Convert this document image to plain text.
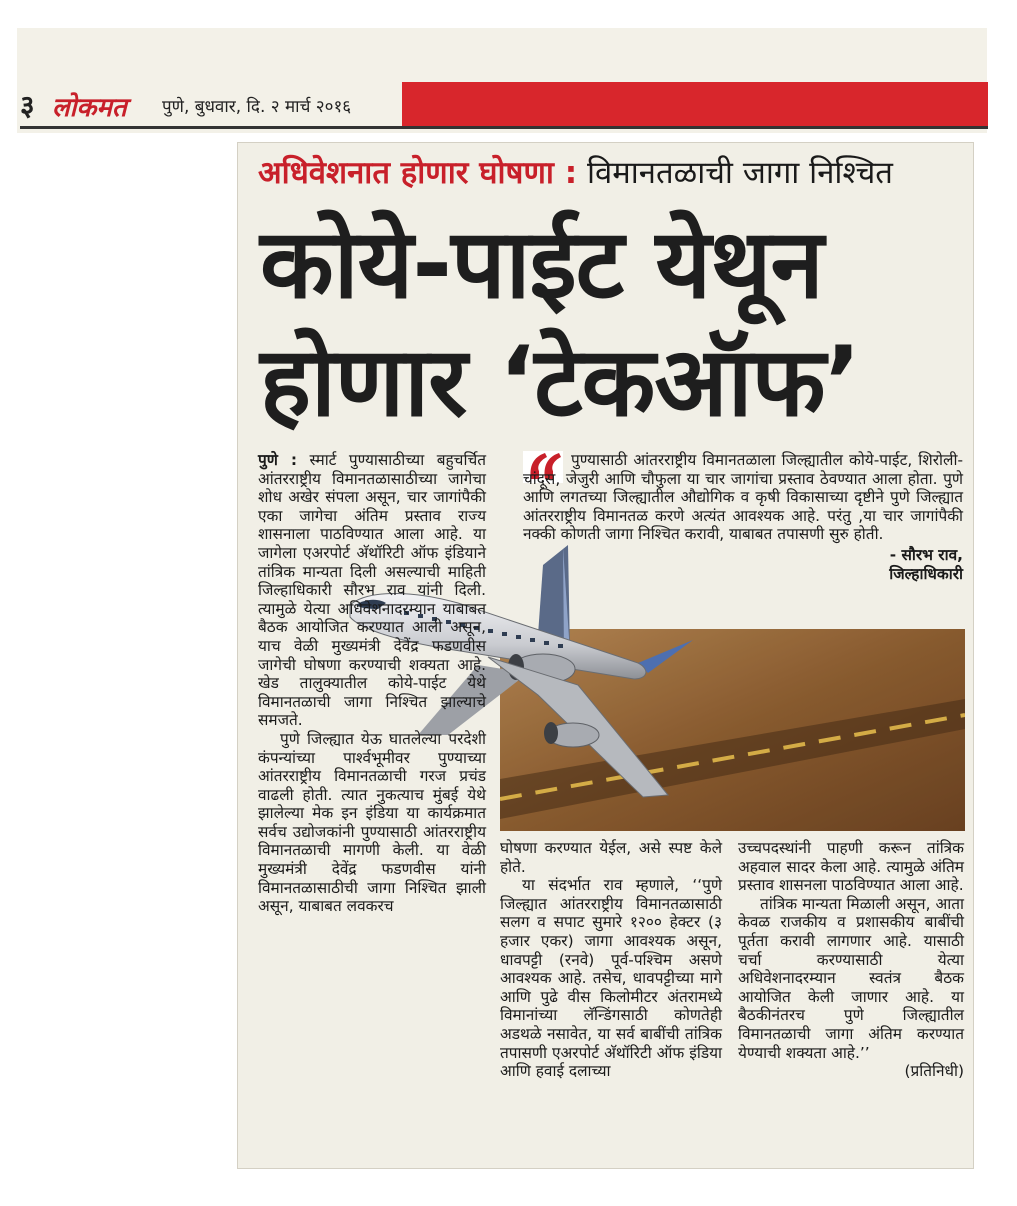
३ लोकमत पुणे, बुधवार, दि. २ मार्च २०१६
अधिवेशनात होणार घोषणा : विमानतळाची जागा निश्चित
कोये-पाईट येथून
होणार ‘टेकऑफ’

पुणे : स्मार्ट पुण्यासाठीच्या बहुचर्चित आंतरराष्ट्रीय विमानतळासाठीच्या जागेचा शोध अखेर संपला असून, चार जागांपैकी एका जागेचा अंतिम प्रस्ताव राज्य शासनाला पाठविण्यात आला आहे. या जागेला एअरपोर्ट अ‍ॅथॉरिटी ऑफ इंडियाने तांत्रिक मान्यता दिली असल्याची माहिती जिल्हाधिकारी सौरभ राव यांनी दिली. त्यामुळे येत्या अधिवेशनादरम्यान याबाबत बैठक आयोजित करण्यात आली असून, याच वेळी मुख्यमंत्री देवेंद्र फडणवीस जागेची घोषणा करण्याची शक्यता आहे. खेड तालुक्यातील कोये-पाईट येथे विमानतळाची जागा निश्चित झाल्याचे समजते.

पुणे जिल्ह्यात येऊ घातलेल्या परदेशी कंपन्यांच्या पार्श्वभूमीवर पुण्याच्या आंतरराष्ट्रीय विमानतळाची गरज प्रचंड वाढली होती. त्यात नुकत्याच मुंबई येथे झालेल्या मेक इन इंडिया या कार्यक्रमात सर्वच उद्योजकांनी पुण्यासाठी आंतरराष्ट्रीय विमानतळाची मागणी केली. या वेळी मुख्यमंत्री देवेंद्र फडणवीस यांनी विमानतळासाठीची जागा निश्चित झाली असून, याबाबत लवकरच

घोषणा करण्यात येईल, असे स्पष्ट केले होते.

या संदर्भात राव म्हणाले, ‘‘पुणे जिल्ह्यात आंतरराष्ट्रीय विमानतळासाठी सलग व सपाट सुमारे १२०० हेक्टर (३ हजार एकर) जागा आवश्यक असून, धावपट्टी (रनवे) पूर्व-पश्चिम असणे आवश्यक आहे. तसेच, धावपट्टीच्या मागे आणि पुढे वीस किलोमीटर अंतरामध्ये विमानांच्या लॅन्डिंगसाठी कोणतेही अडथळे नसावेत, या सर्व बाबींची तांत्रिक तपासणी एअरपोर्ट अ‍ॅथॉरिटी ऑफ इंडिया आणि हवाई दलाच्या

उच्चपदस्थांनी पाहणी करून तांत्रिक अहवाल सादर केला आहे. त्यामुळे अंतिम प्रस्ताव शासनला पाठविण्यात आला आहे.

तांत्रिक मान्यता मिळाली असून, आता केवळ राजकीय व प्रशासकीय बाबींची पूर्तता करावी लागणार आहे. यासाठी चर्चा करण्यासाठी येत्या अधिवेशनादरम्यान स्वतंत्र बैठक आयोजित केली जाणार आहे. या बैठकीनंतरच पुणे जिल्ह्यातील विमानतळाची जागा अंतिम करण्यात येण्याची शक्यता आहे.’’

(प्रतिनिधी)

पुण्यासाठी आंतरराष्ट्रीय विमानतळाला जिल्ह्यातील कोये-पाईट, शिरोली-चांदूस, जेजुरी आणि चौफुला या चार जागांचा प्रस्ताव ठेवण्यात आला होता. पुणे आणि लगतच्या जिल्ह्यातील औद्योगिक व कृषी विकासाच्या दृष्टीने पुणे जिल्ह्यात आंतरराष्ट्रीय विमानतळ करणे अत्यंत आवश्यक आहे. परंतु ,या चार जागांपैकी नक्की कोणती जागा निश्चित करावी, याबाबत तपासणी सुरु होती.
- सौरभ राव,
जिल्हाधिकारी
